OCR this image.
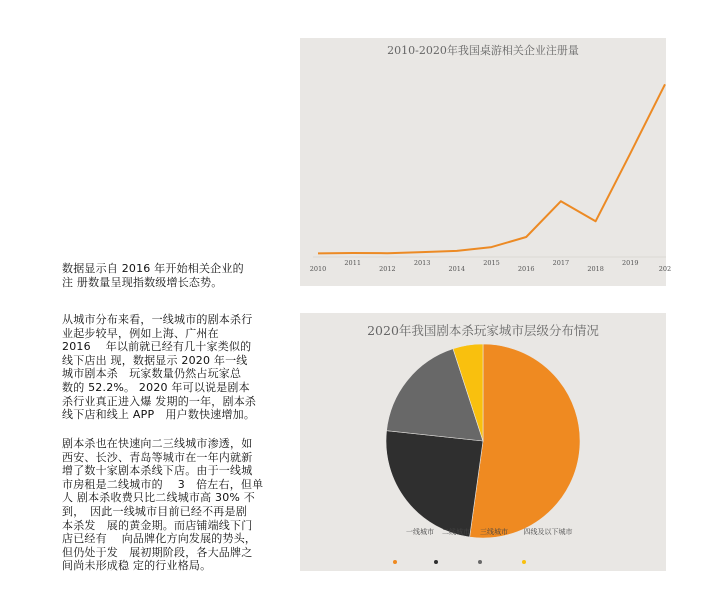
数据显示自 2016 年开始相关企业的
注 册数量呈现指数级增长态势。

从城市分布来看，一线城市的剧本杀行
业起步较早，例如上海、广州在
2016　 年以前就已经有几十家类似的
线下店出 现，数据显示 2020 年一线
城市剧本杀　玩家数量仍然占玩家总
数的 52.2%。 2020 年可以说是剧本
杀行业真正进入爆 发期的一年，剧本杀
线下店和线上 APP　用户数快速增加。

剧本杀也在快速向二三线城市渗透，如
西安、长沙、青岛等城市在一年内就新
增了数十家剧本杀线下店。由于一线城
市房租是二线城市的　 3　倍左右，但单
人 剧本杀收费只比二线城市高 30% 不
到，　因此一线城市目前已经不再是剧
本杀发　展的黄金期。而店铺端线下门
店已经有　 向品牌化方向发展的势头，
但仍处于发　展初期阶段，各大品牌之
间尚未形成稳 定的行业格局。

2010-2020年我国桌游相关企业注册量
2010
2011
2012
2013
2014
2015
2016
2017
2018
2019
202
2020年我国剧本杀玩家城市层级分布情况
一线城市 二线城市 三线城市 四线及以下城市
